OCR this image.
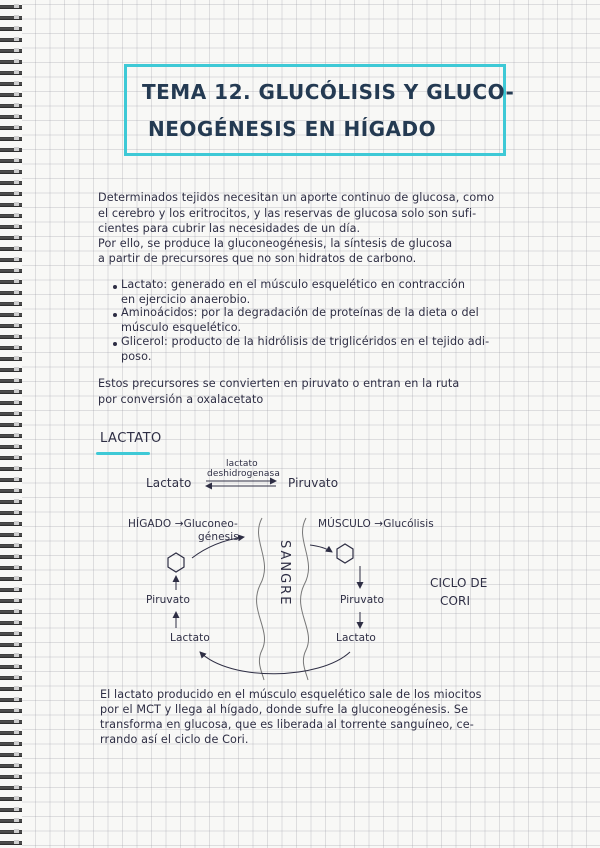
TEMA 12. GLUCÓLISIS Y GLUCO-
NEOGÉNESIS EN HÍGADO
Determinados tejidos necesitan un aporte continuo de glucosa, como
el cerebro y los eritrocitos, y las reservas de glucosa solo son sufi-
cientes para cubrir las necesidades de un día.
Por ello, se produce la gluconeogénesis, la síntesis de glucosa
a partir de precursores que no son hidratos de carbono.
Lactato: generado en el músculo esquelético en contracción
en ejercicio anaerobio.
Aminoácidos: por la degradación de proteínas de la dieta o del
músculo esquelético.
Glicerol: producto de la hidrólisis de triglicéridos en el tejido adi-
poso.
Estos precursores se convierten en piruvato o entran en la ruta
por conversión a oxalacetato
LACTATO
Lactato	Piruvato
lactato
deshidrogenasa
HÍGADO →Gluconeo-
génesis
MÚSCULO →Glucólisis
SANGRE
Piruvato
Lactato
Piruvato
Lactato
CICLO DE
CORI
El lactato producido en el músculo esquelético sale de los miocitos
por el MCT y llega al hígado, donde sufre la gluconeogénesis. Se
transforma en glucosa, que es liberada al torrente sanguíneo, ce-
rrando así el ciclo de Cori.
